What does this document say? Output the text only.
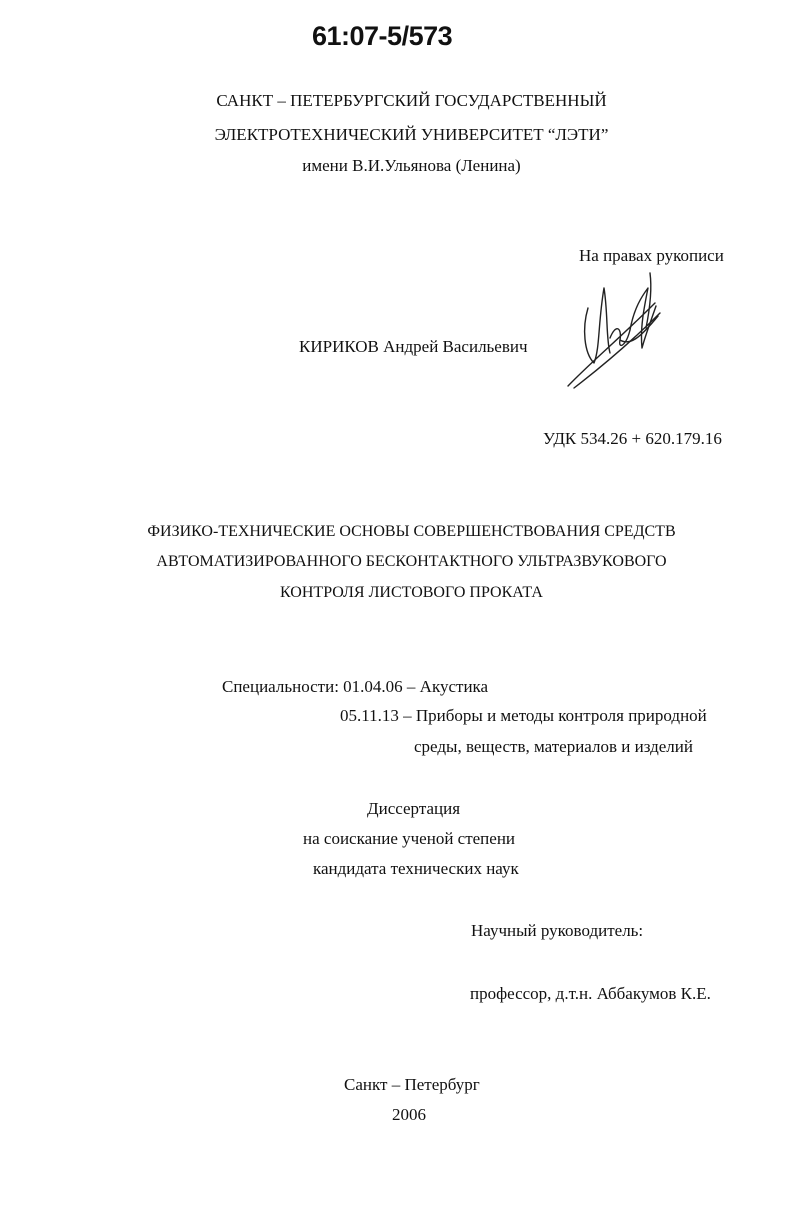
61:07-5/573
САНКТ – ПЕТЕРБУРГСКИЙ ГОСУДАРСТВЕННЫЙ
ЭЛЕКТРОТЕХНИЧЕСКИЙ УНИВЕРСИТЕТ “ЛЭТИ”
имени В.И.Ульянова (Ленина)
На правах рукописи
КИРИКОВ Андрей Васильевич
УДК 534.26 + 620.179.16
ФИЗИКО-ТЕХНИЧЕСКИЕ ОСНОВЫ СОВЕРШЕНСТВОВАНИЯ СРЕДСТВ
АВТОМАТИЗИРОВАННОГО БЕСКОНТАКТНОГО УЛЬТРАЗВУКОВОГО
КОНТРОЛЯ ЛИСТОВОГО ПРОКАТА
Специальности: 01.04.06 – Акустика
05.11.13 – Приборы и методы контроля природной
среды, веществ, материалов и изделий
Диссертация
на соискание ученой степени
кандидата технических наук
Научный руководитель:
профессор, д.т.н. Аббакумов К.Е.
Санкт – Петербург
2006
